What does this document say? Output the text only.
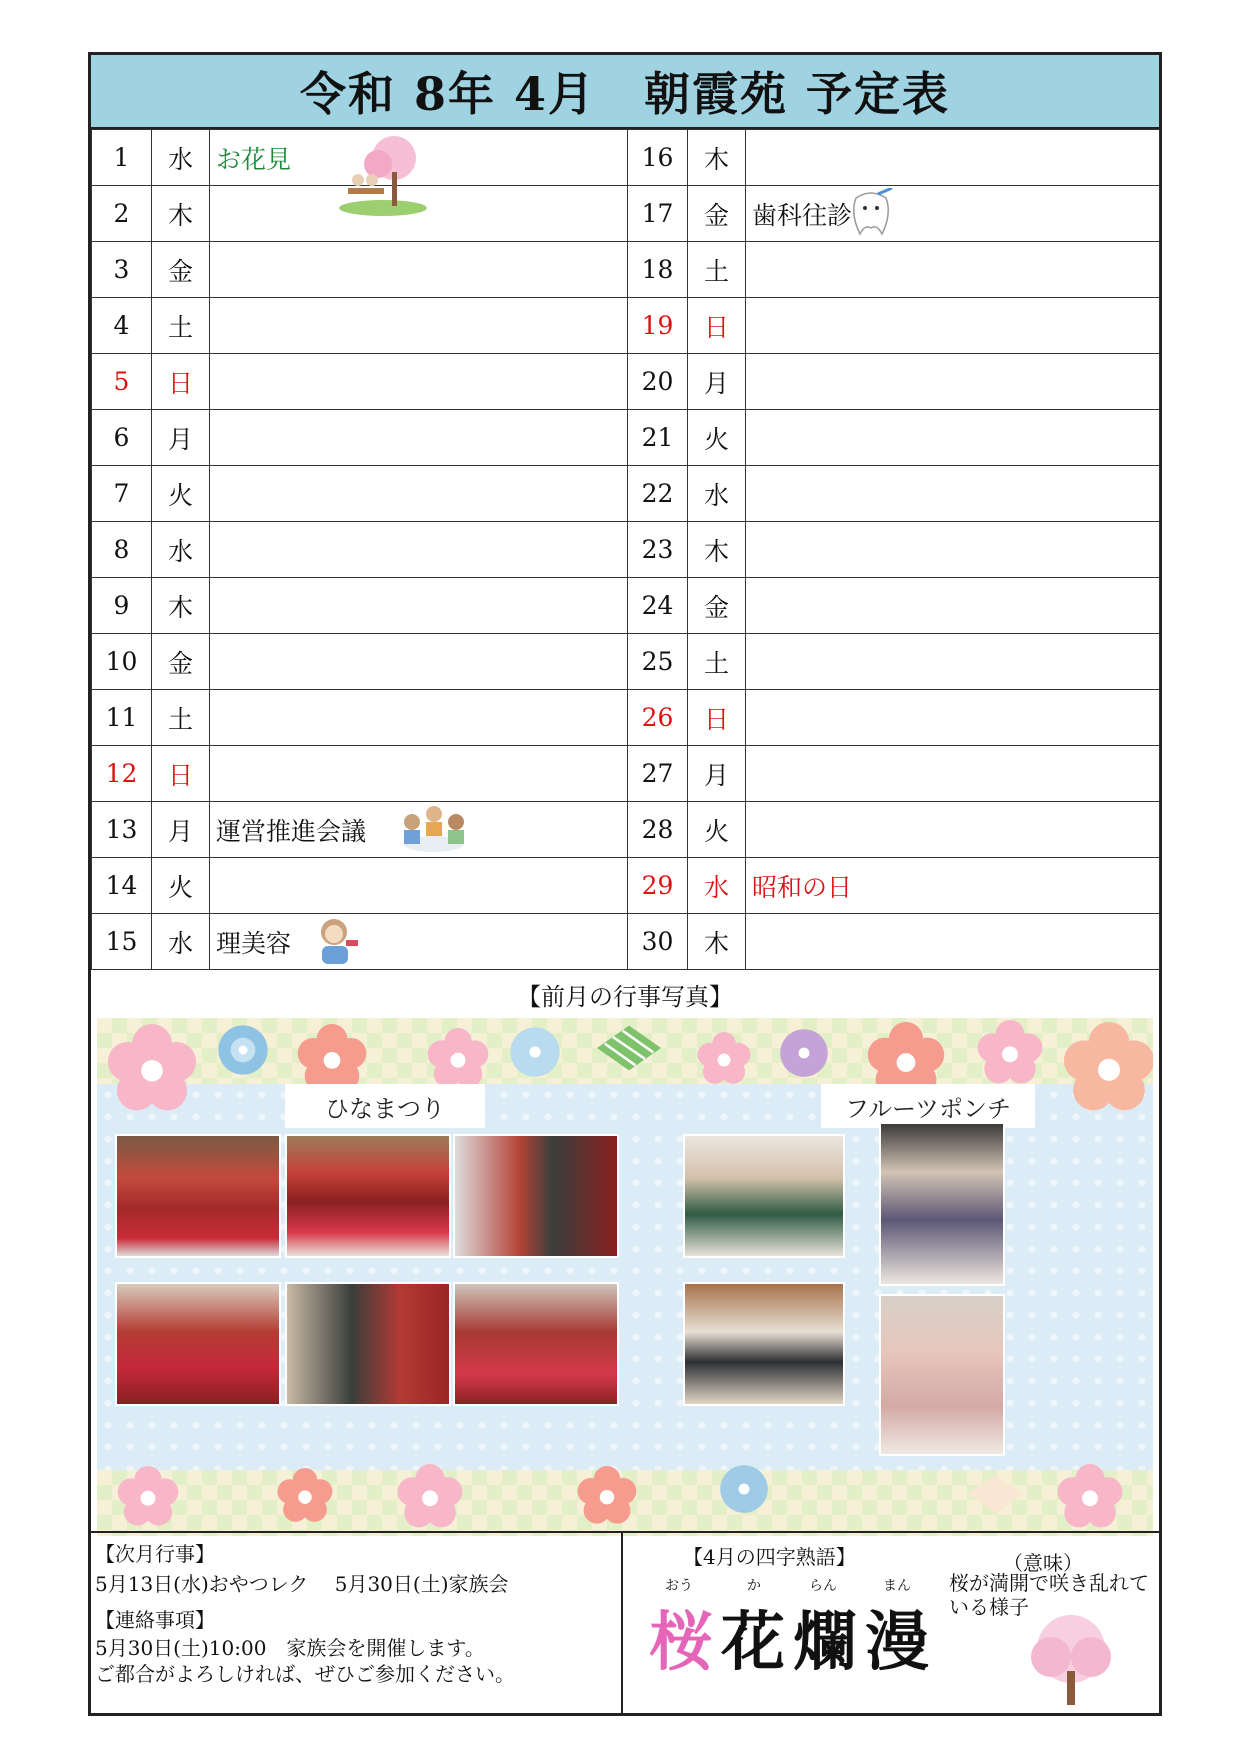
令和 8年 4月　朝霞苑 予定表
1	水	お花見	16	木	
2	木		17	金	歯科往診

3	金		18	土	
4	土		19	日	
5	日		20	月	
6	月		21	火	
7	火		22	水	
8	水		23	木	
9	木		24	金	
10	金		25	土	
11	土		26	日	
12	日		27	月	
13	月	運営推進会議	28	火	
14	火		29	水	昭和の日
15	水	理美容	30	木	
【前月の行事写真】
ひなまつり	フルーツポンチ
【次月行事】
5月13日(水)おやつレク　 5月30日(土)家族会
【連絡事項】
5月30日(土)10:00　家族会を開催します。
ご都合がよろしければ、ぜひご参加ください。
【4月の四字熟語】	（意味）
桜が満開で咲き乱れている様子
おう	か	らん	まん
桜花爛漫
